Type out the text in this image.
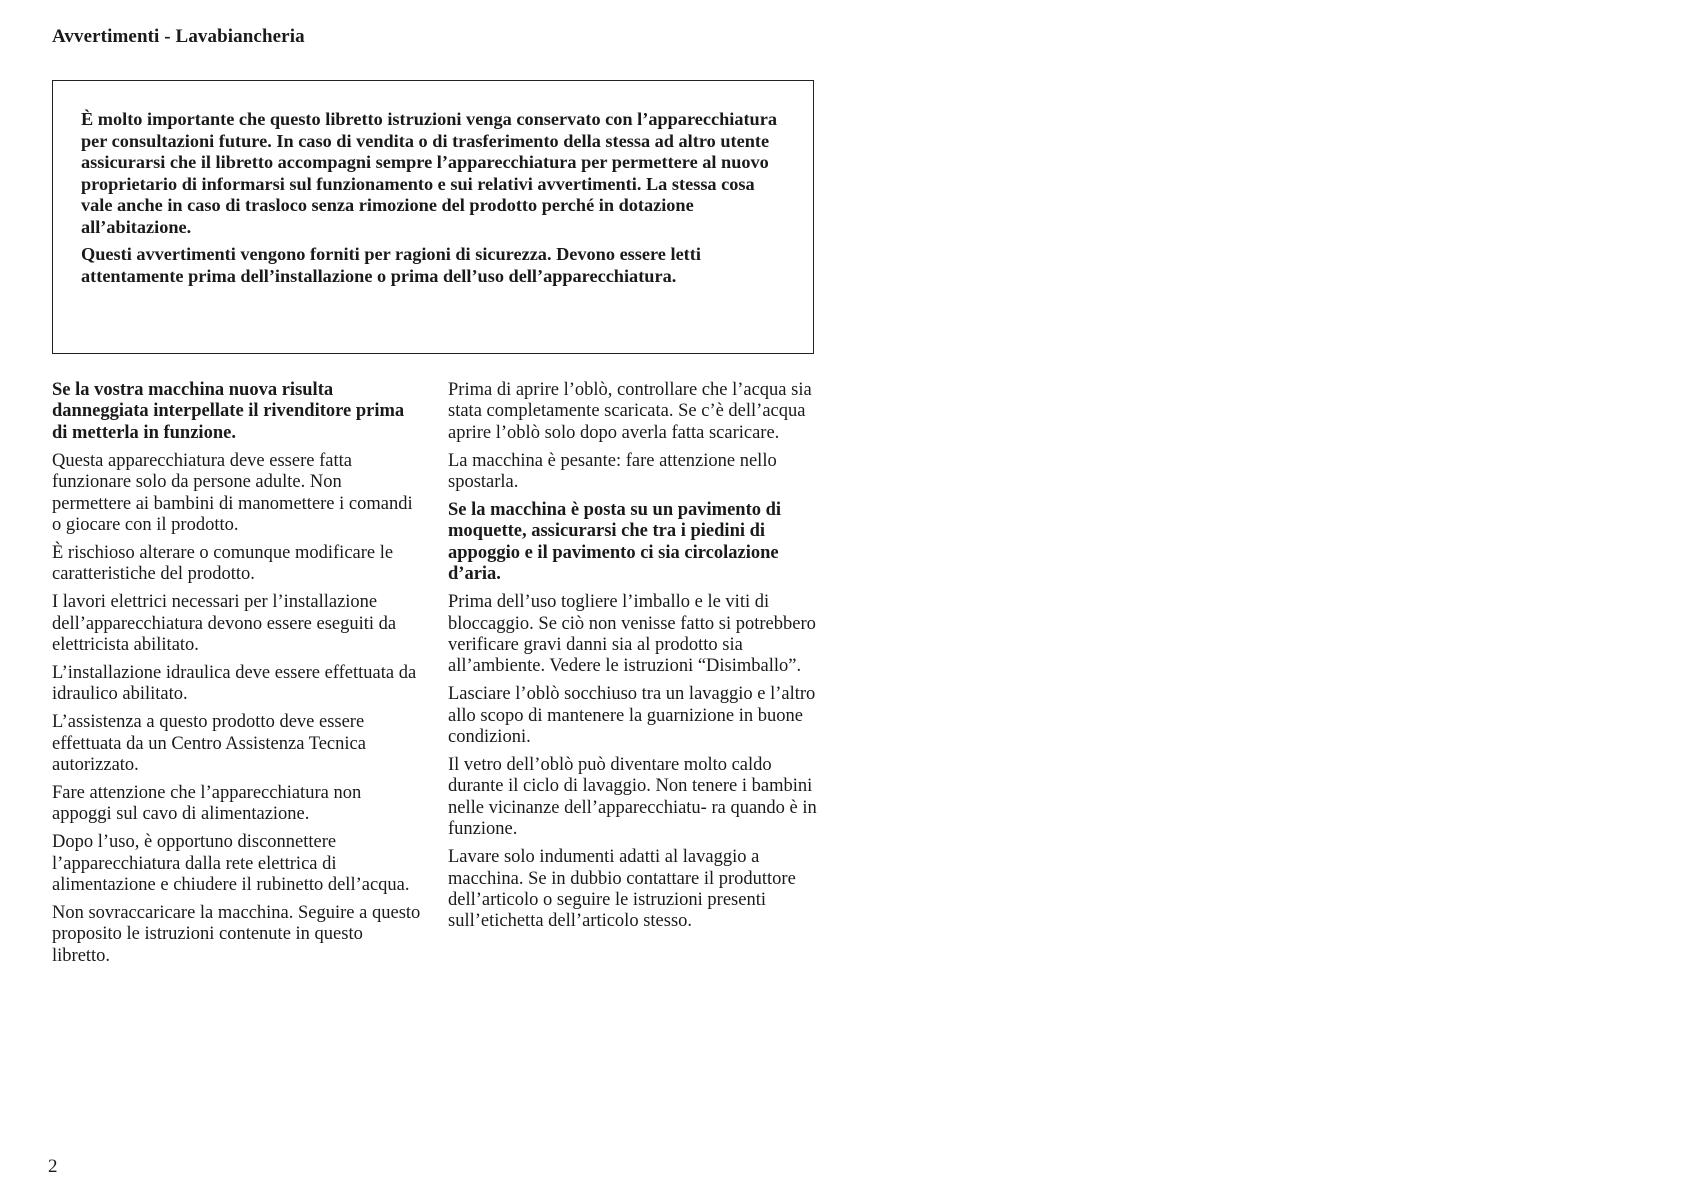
Avvertimenti - Lavabiancheria

È molto importante che questo libretto istruzioni venga conservato con l’apparecchiatura per consultazioni future. In caso di vendita o di trasferimento della stessa ad altro utente assicurarsi che il libretto accompagni sempre l’apparecchiatura per permettere al nuovo proprietario di informarsi sul funzionamento e sui relativi avvertimenti. La stessa cosa vale anche in caso di trasloco senza rimozione del prodotto perché in dotazione all’abitazione.

Questi avvertimenti vengono forniti per ragioni di sicurezza. Devono essere letti attentamente prima dell’installazione o prima dell’uso dell’apparecchiatura.

Se la vostra macchina nuova risulta danneggiata interpellate il rivenditore prima di metterla in funzione.

Questa apparecchiatura deve essere fatta funzionare solo da persone adulte. Non permettere ai bambini di manomettere i comandi o giocare con il prodotto.

È rischioso alterare o comunque modificare le caratteristiche del prodotto.

I lavori elettrici necessari per l’installazione dell’apparecchiatura devono essere eseguiti da elettricista abilitato.

L’installazione idraulica deve essere effettuata da idraulico abilitato.

L’assistenza a questo prodotto deve essere effettuata da un Centro Assistenza Tecnica autorizzato.

Fare attenzione che l’apparecchiatura non appoggi sul cavo di alimentazione.

Dopo l’uso, è opportuno disconnettere l’apparecchiatura dalla rete elettrica di alimentazione e chiudere il rubinetto dell’acqua.

Non sovraccaricare la macchina. Seguire a questo proposito le istruzioni contenute in questo libretto.

Prima di aprire l’oblò, controllare che l’acqua sia stata completamente scaricata. Se c’è dell’acqua aprire l’oblò solo dopo averla fatta scaricare.

La macchina è pesante: fare attenzione nello spostarla.

Se la macchina è posta su un pavimento di moquette, assicurarsi che tra i piedini di appoggio e il pavimento ci sia circolazione d’aria.

Prima dell’uso togliere l’imballo e le viti di bloccaggio. Se ciò non venisse fatto si potrebbero verificare gravi danni sia al prodotto sia all’ambiente. Vedere le istruzioni “Disimballo”.

Lasciare l’oblò socchiuso tra un lavaggio e l’altro allo scopo di mantenere la guarnizione in buone condizioni.

Il vetro dell’oblò può diventare molto caldo durante il ciclo di lavaggio. Non tenere i bambini nelle vicinanze dell’apparecchiatu- ra quando è in funzione.

Lavare solo indumenti adatti al lavaggio a macchina. Se in dubbio contattare il produttore dell’articolo o seguire le istruzioni presenti sull’etichetta dell’articolo stesso.

2
